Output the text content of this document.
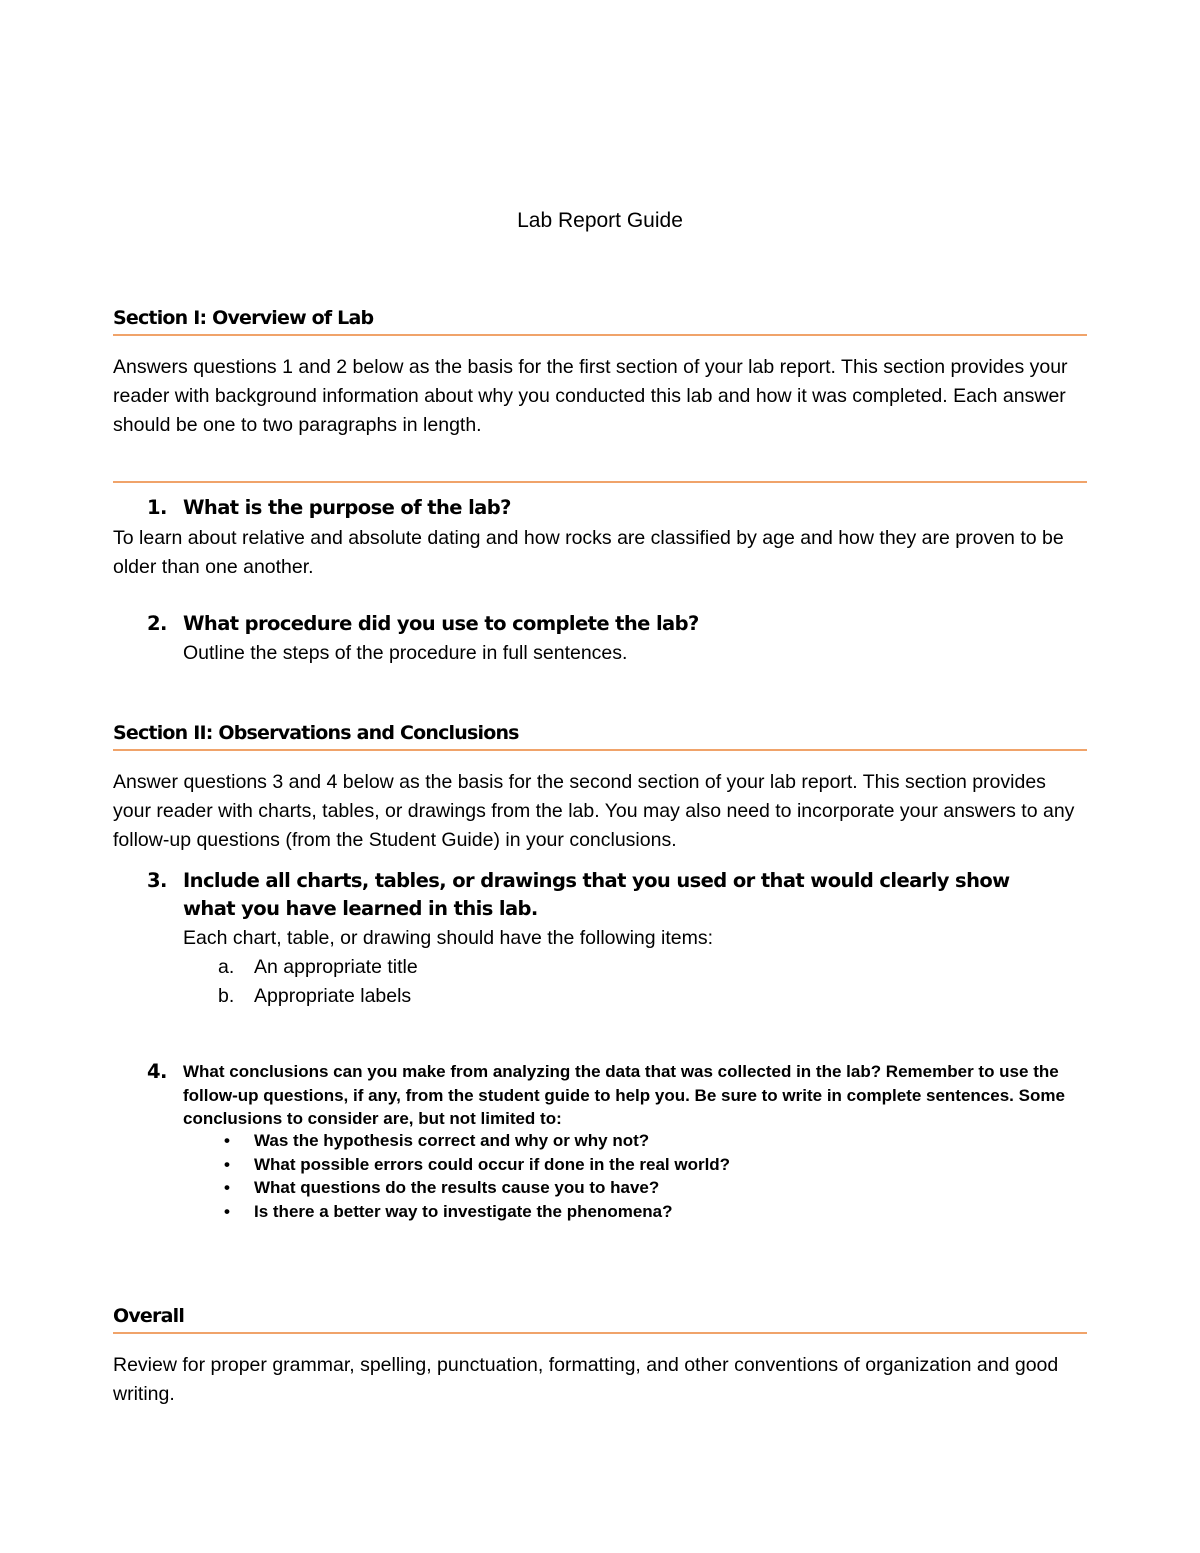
Lab Report Guide
Section I: Overview of Lab
Answers questions 1 and 2 below as the basis for the first section of your lab report. This section provides your reader with background information about why you conducted this lab and how it was completed. Each answer should be one to two paragraphs in length.
1. What is the purpose of the lab?
To learn about relative and absolute dating and how rocks are classified by age and how they are proven to be older than one another.
2. What procedure did you use to complete the lab?
Outline the steps of the procedure in full sentences.
Section II: Observations and Conclusions
Answer questions 3 and 4 below as the basis for the second section of your lab report. This section provides your reader with charts, tables, or drawings from the lab. You may also need to incorporate your answers to any follow-up questions (from the Student Guide) in your conclusions.
3. Include all charts, tables, or drawings that you used or that would clearly show what you have learned in this lab.
Each chart, table, or drawing should have the following items:
a. An appropriate title
b. Appropriate labels
4. What conclusions can you make from analyzing the data that was collected in the lab? Remember to use the follow-up questions, if any, from the student guide to help you. Be sure to write in complete sentences. Some conclusions to consider are, but not limited to:
• Was the hypothesis correct and why or why not?
• What possible errors could occur if done in the real world?
• What questions do the results cause you to have?
• Is there a better way to investigate the phenomena?
Overall
Review for proper grammar, spelling, punctuation, formatting, and other conventions of organization and good writing.
